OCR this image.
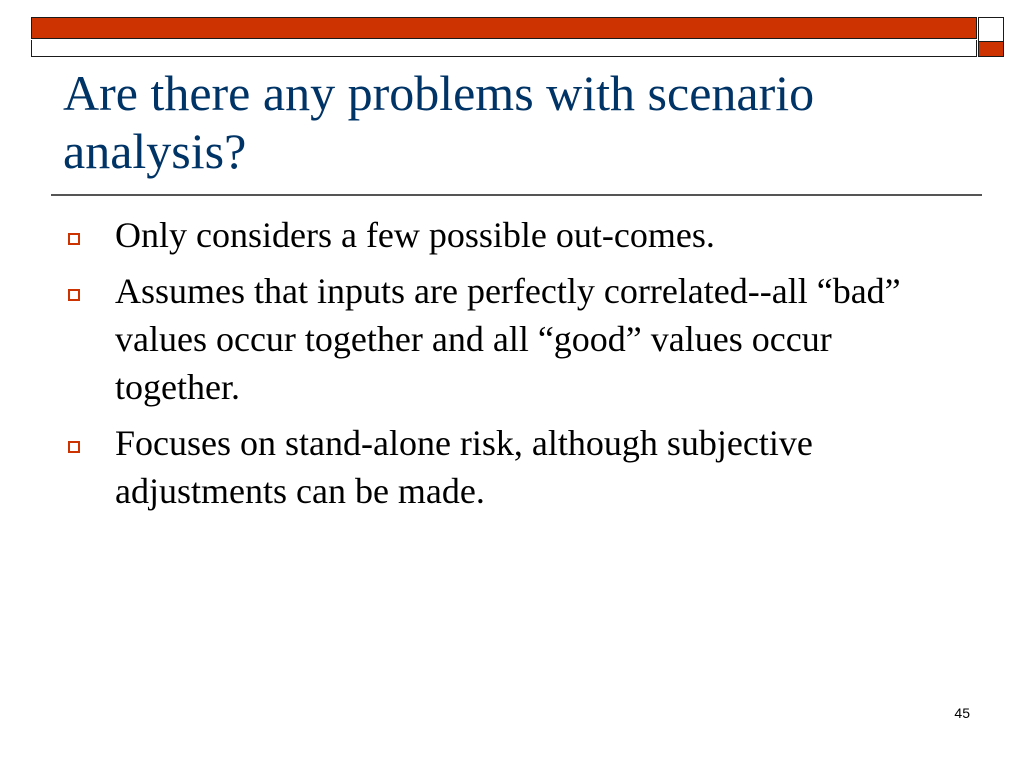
Are there any problems with scenario analysis?
Only considers a few possible out-comes.
Assumes that inputs are perfectly correlated--all “bad” values occur together and all “good” values occur together.
Focuses on stand-alone risk, although subjective adjustments can be made.
45
